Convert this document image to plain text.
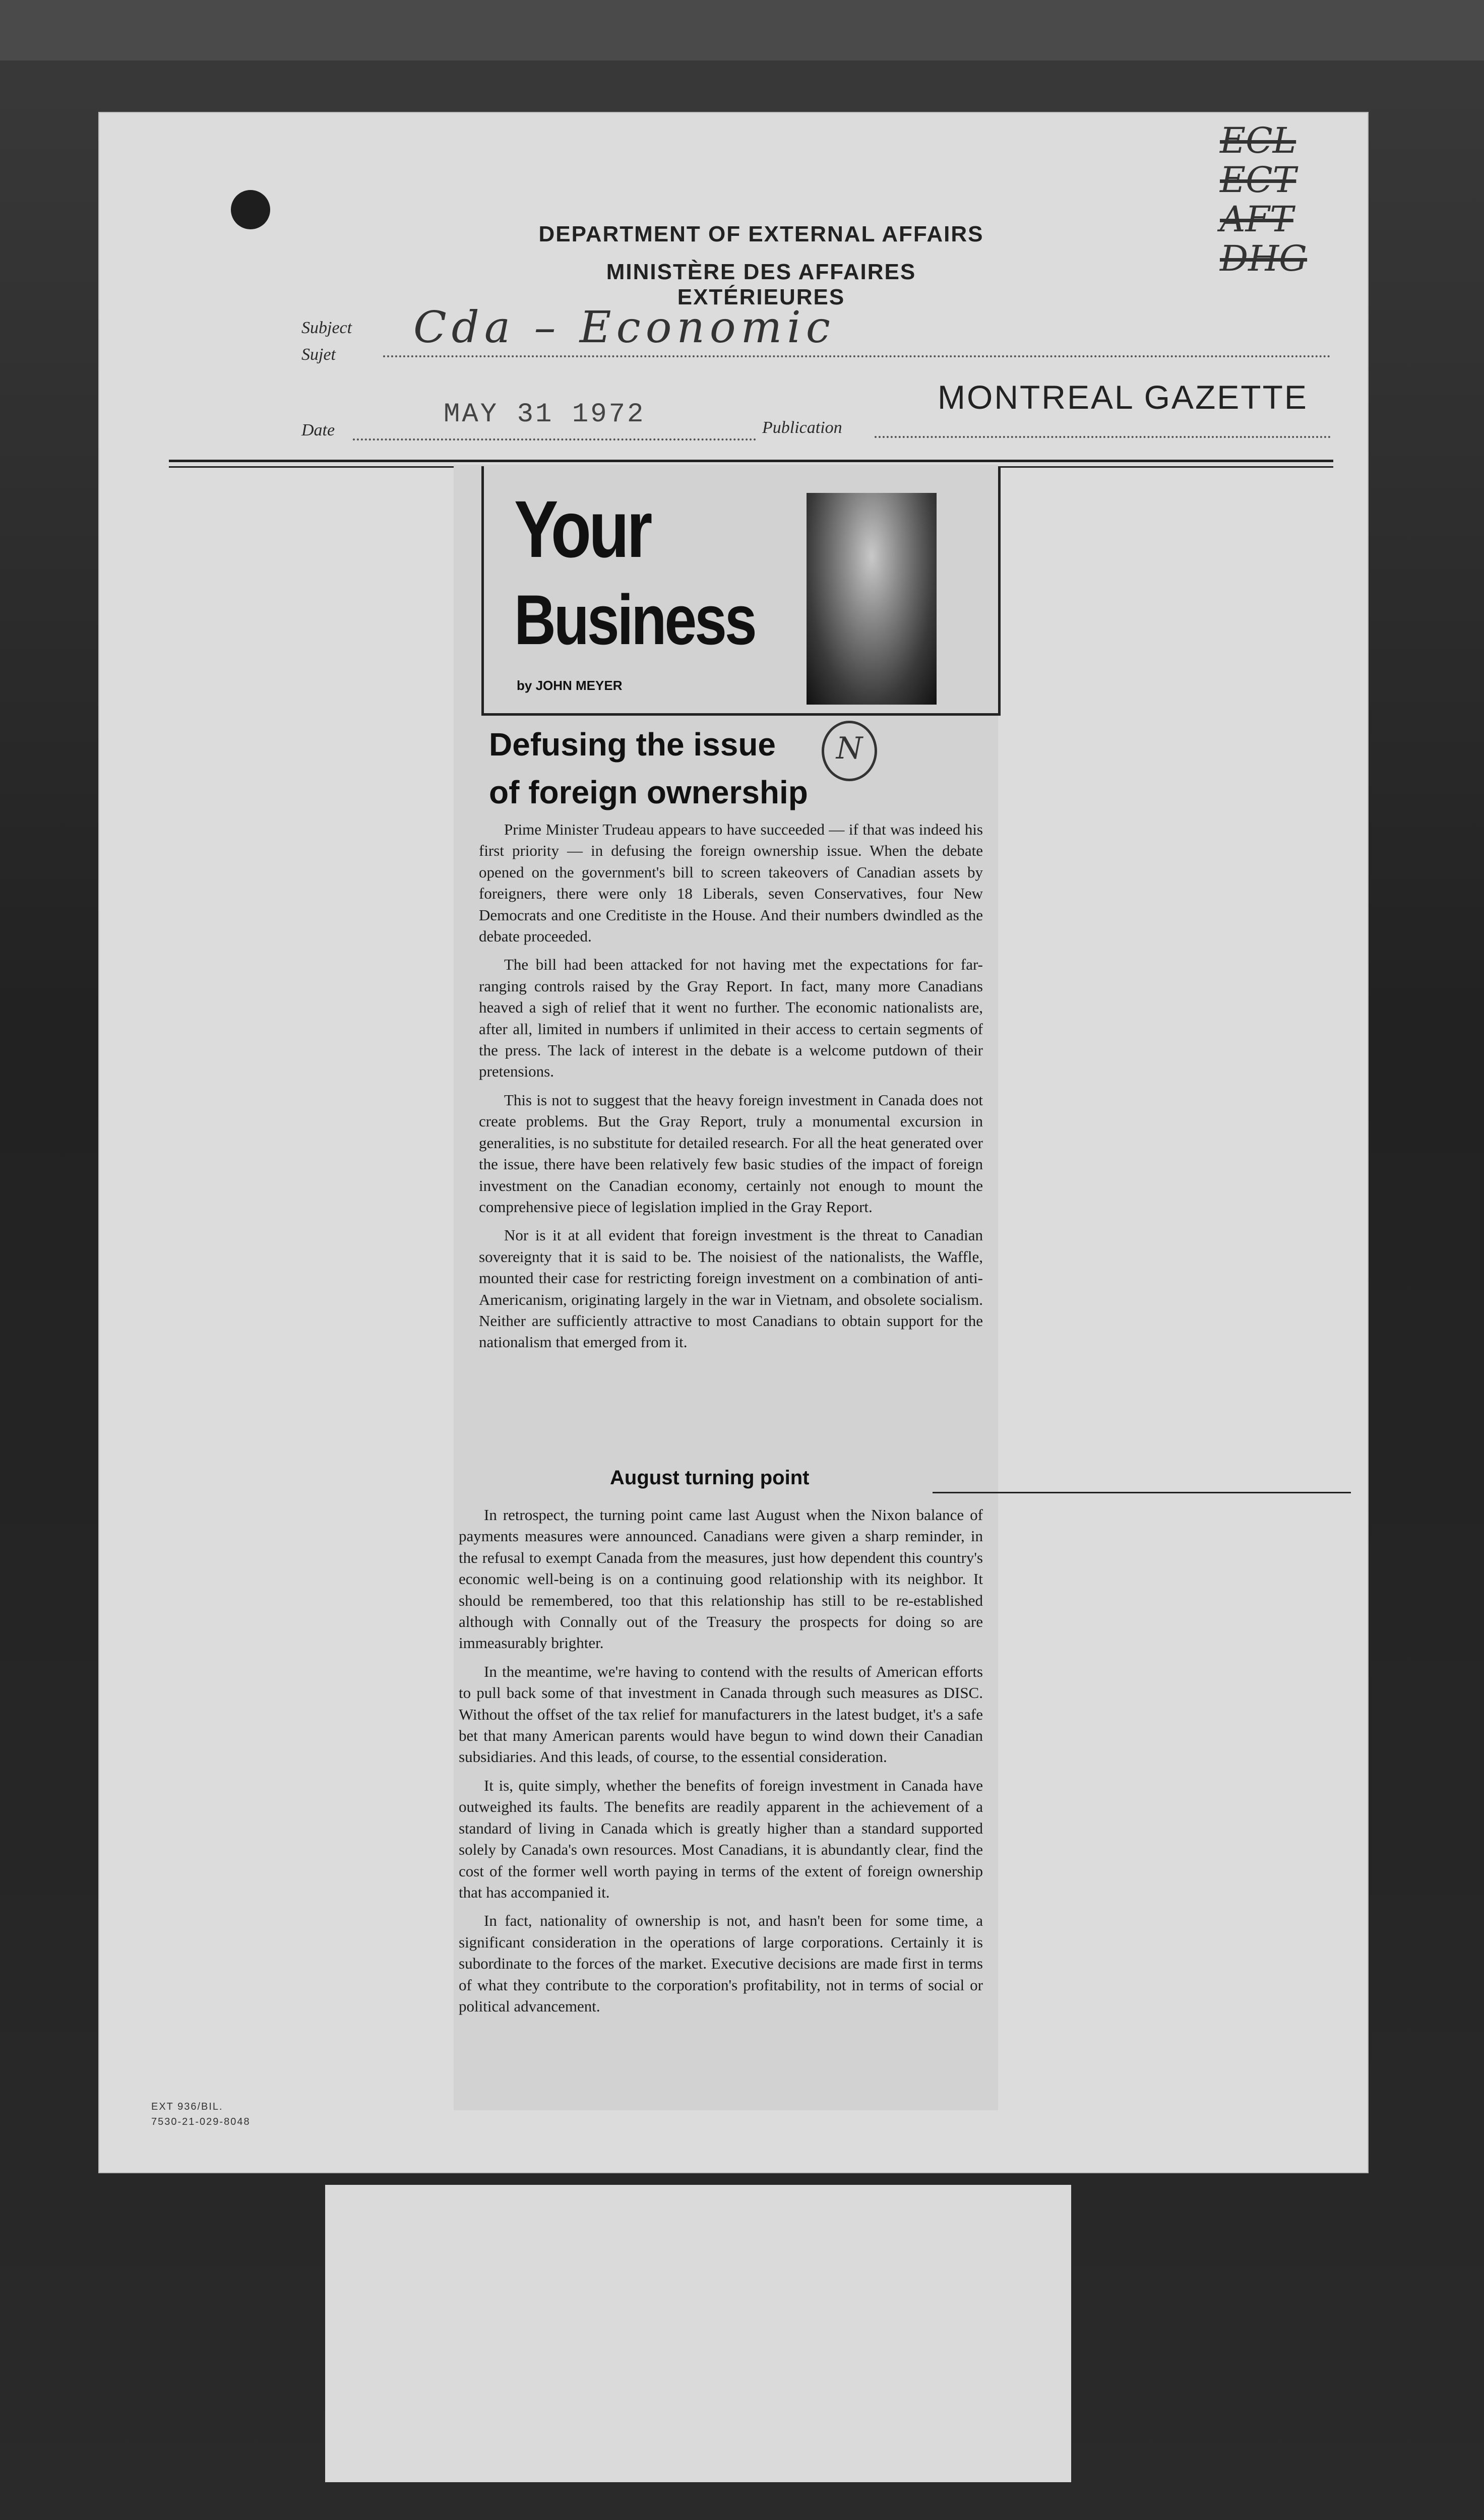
DEPARTMENT OF EXTERNAL AFFAIRS
MINISTÈRE DES AFFAIRES EXTÉRIEURES
ECL
ECT
AFT
DHG
Subject
Sujet
Cda – Economic
Date
MAY 31 1972	Publication
MONTREAL GAZETTE
Your
Business
by JOHN MEYER
Defusing the issue
of foreign ownership
N

Prime Minister Trudeau appears to have succeeded — if that was indeed his first priority — in defusing the foreign ownership issue. When the debate opened on the government's bill to screen takeovers of Canadian assets by foreigners, there were only 18 Liberals, seven Conservatives, four New Democrats and one Creditiste in the House. And their numbers dwindled as the debate proceeded.

The bill had been attacked for not having met the expectations for far-ranging controls raised by the Gray Report. In fact, many more Canadians heaved a sigh of relief that it went no further. The economic nationalists are, after all, limited in numbers if unlimited in their access to certain segments of the press. The lack of interest in the debate is a welcome putdown of their pretensions.

This is not to suggest that the heavy foreign investment in Canada does not create problems. But the Gray Report, truly a monumental excursion in generalities, is no substitute for detailed research. For all the heat generated over the issue, there have been relatively few basic studies of the impact of foreign investment on the Canadian economy, certainly not enough to mount the comprehensive piece of legislation implied in the Gray Report.

Nor is it at all evident that foreign investment is the threat to Canadian sovereignty that it is said to be. The noisiest of the nationalists, the Waffle, mounted their case for restricting foreign investment on a combination of anti-Americanism, originating largely in the war in Vietnam, and obsolete socialism. Neither are sufficiently attractive to most Canadians to obtain support for the nationalism that emerged from it.

August turning point

In retrospect, the turning point came last August when the Nixon balance of payments measures were announced. Canadians were given a sharp reminder, in the refusal to exempt Canada from the measures, just how dependent this country's economic well-being is on a continuing good relationship with its neighbor. It should be remembered, too that this relationship has still to be re-established although with Connally out of the Treasury the prospects for doing so are immeasurably brighter.

In the meantime, we're having to contend with the results of American efforts to pull back some of that investment in Canada through such measures as DISC. Without the offset of the tax relief for manufacturers in the latest budget, it's a safe bet that many American parents would have begun to wind down their Canadian subsidiaries. And this leads, of course, to the essential consideration.

It is, quite simply, whether the benefits of foreign investment in Canada have outweighed its faults. The benefits are readily apparent in the achievement of a standard of living in Canada which is greatly higher than a standard supported solely by Canada's own resources. Most Canadians, it is abundantly clear, find the cost of the former well worth paying in terms of the extent of foreign ownership that has accompanied it.

In fact, nationality of ownership is not, and hasn't been for some time, a significant consideration in the operations of large corporations. Certainly it is subordinate to the forces of the market. Executive decisions are made first in terms of what they contribute to the corporation's profitability, not in terms of social or political advancement.

EXT 936/BIL.
7530-21-029-8048
